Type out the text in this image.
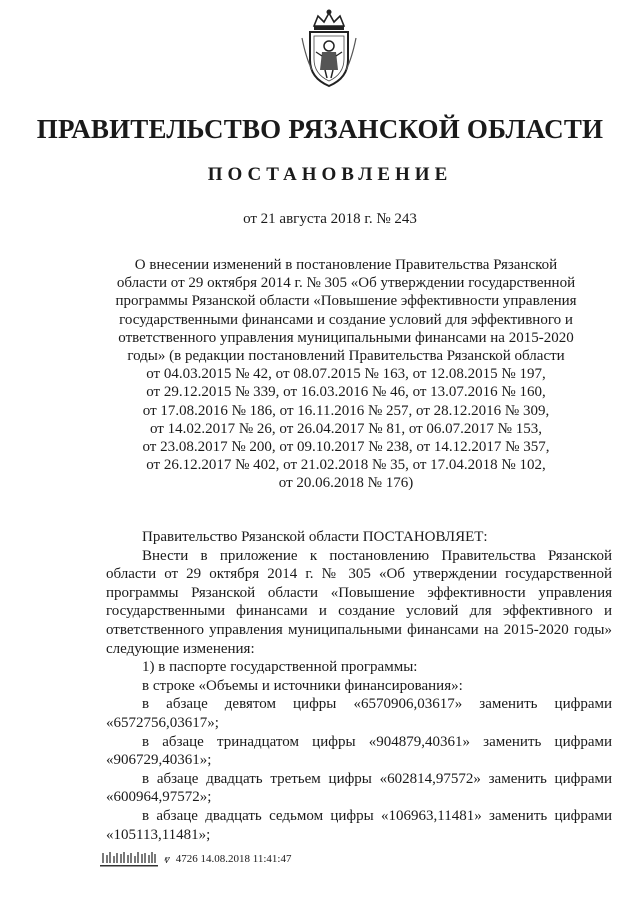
ПРАВИТЕЛЬСТВО РЯЗАНСКОЙ ОБЛАСТИ
ПОСТАНОВЛЕНИЕ
от 21 августа 2018 г. № 243
О внесении изменений в постановление Правительства Рязанской
области от 29 октября 2014 г. № 305 «Об утверждении государственной
программы Рязанской области «Повышение эффективности управления
государственными финансами и создание условий для эффективного и
ответственного управления муниципальными финансами на 2015-2020
годы» (в редакции постановлений Правительства Рязанской области
от 04.03.2015 № 42, от 08.07.2015 № 163, от 12.08.2015 № 197,
от 29.12.2015 № 339, от 16.03.2016 № 46, от 13.07.2016 № 160,
от 17.08.2016 № 186, от 16.11.2016 № 257, от 28.12.2016 № 309,
от 14.02.2017 № 26, от 26.04.2017 № 81, от 06.07.2017 № 153,
от 23.08.2017 № 200, от 09.10.2017 № 238, от 14.12.2017 № 357,
от 26.12.2017 № 402, от 21.02.2018 № 35, от 17.04.2018 № 102,
от 20.06.2018 № 176)

Правительство Рязанской области ПОСТАНОВЛЯЕТ:

Внести в приложение к постановлению Правительства Рязанской области от 29 октября 2014 г. № 305 «Об утверждении государственной программы Рязанской области «Повышение эффективности управления государственными финансами и создание условий для эффективного и ответственного управления муниципальными финансами на 2015-2020 годы» следующие изменения:

1) в паспорте государственной программы:

в строке «Объемы и источники финансирования»:

в абзаце девятом цифры «6570906,03617» заменить цифрами

«6572756,03617»;

в абзаце тринадцатом цифры «904879,40361» заменить цифрами

«906729,40361»;

в абзаце двадцать третьем цифры «602814,97572» заменить цифрами

«600964,97572»;

в абзаце двадцать седьмом цифры «106963,11481» заменить цифрами

«105113,11481»;

ⱴ 4726 14.08.2018 11:41:47
